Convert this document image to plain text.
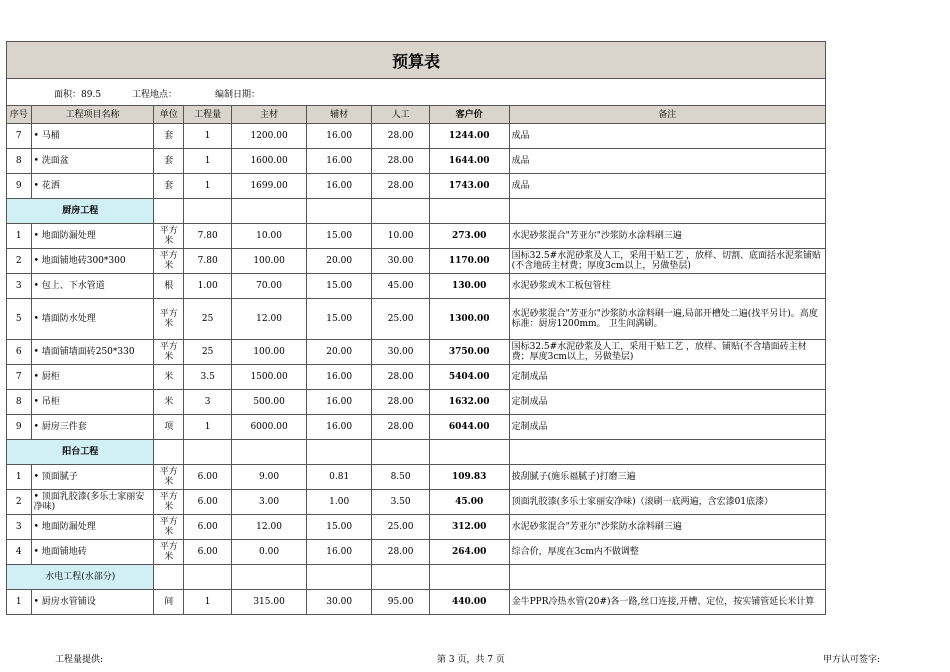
预算表
面积：89.5	工程地点：	编制日期：
序号	工程项目名称	单位	工程量	主材	辅材	人工	客户价	备注
7	• 马桶	套	1	1200.00	16.00	28.00	1244.00	成品
8	• 洗面盆	套	1	1600.00	16.00	28.00	1644.00	成品
9	• 花洒	套	1	1699.00	16.00	28.00	1743.00	成品
厨房工程								
1	• 地面防漏处理	平方米	7.80	10.00	15.00	10.00	273.00	水泥砂浆混合"芳亚尔"沙浆防水涂料刷三遍
2	• 地面铺地砖300*300	平方米	7.80	100.00	20.00	30.00	1170.00	国标32.5#水泥砂浆及人工，采用干贴工艺 ，放样、切割、底面括水泥浆铺贴(不含地砖主材费；厚度3cm以上，另做垫层)
3	• 包上、下水管道	根	1.00	70.00	15.00	45.00	130.00	水泥砂浆或木工板包管柱
5	• 墙面防水处理	平方米	25	12.00	15.00	25.00	1300.00	水泥砂浆混合"芳亚尔"沙浆防水涂料刷一遍,局部开槽处二遍(找平另计)。高度标准：厨房1200mm。 卫生间满刷。
6	• 墙面铺墙面砖250*330	平方米	25	100.00	20.00	30.00	3750.00	国标32.5#水泥砂浆及人工，采用干贴工艺 ，放样、铺贴(不含墙面砖主材费；厚度3cm以上，另做垫层)
7	• 厨柜	米	3.5	1500.00	16.00	28.00	5404.00	定制成品
8	• 吊柜	米	3	500.00	16.00	28.00	1632.00	定制成品
9	• 厨房三件套	项	1	6000.00	16.00	28.00	6044.00	定制成品
阳台工程								
1	• 顶面腻子	平方米	6.00	9.00	0.81	8.50	109.83	披刮腻子(施乐福腻子)打磨三遍
2	• 顶面乳胶漆(多乐士家丽安净味)	平方米	6.00	3.00	1.00	3.50	45.00	顶面乳胶漆(多乐士家丽安净味)（滚刷一底两遍，含宏漆01底漆）
3	• 地面防漏处理	平方米	6.00	12.00	15.00	25.00	312.00	水泥砂浆混合"芳亚尔"沙浆防水涂料刷三遍
4	• 地面铺地砖	平方米	6.00	0.00	16.00	28.00	264.00	综合价，厚度在3cm内不做调整
水电工程(水部分)								
1	• 厨房水管铺设	间	1	315.00	30.00	95.00	440.00	金牛PPR冷热水管(20#)各一路,丝口连接,开槽、定位，按实铺管延长米计算
工程量提供:	第 3 页，共 7 页	甲方认可签字:
